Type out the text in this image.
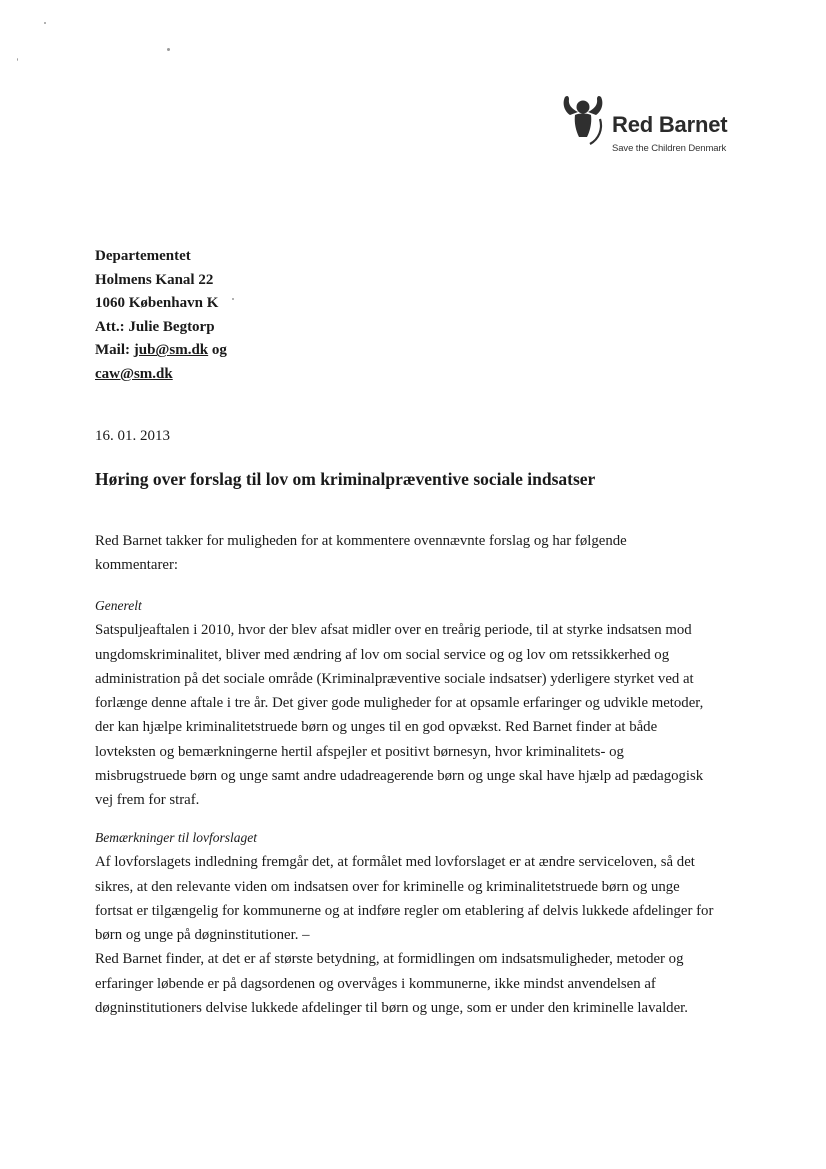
Red Barnet
Save the Children Denmark
Departementet
Holmens Kanal 22
1060 København K
Att.: Julie Begtorp
Mail: jub@sm.dk og
caw@sm.dk
16. 01. 2013
Høring over forslag til lov om kriminalpræventive sociale indsatser
Red Barnet takker for muligheden for at kommentere ovennævnte forslag og har følgende
kommentarer:
Generelt
Satspuljeaftalen i 2010, hvor der blev afsat midler over en treårig periode, til at styrke indsatsen mod
ungdomskriminalitet, bliver med ændring af lov om social service og og lov om retssikkerhed og
administration på det sociale område (Kriminalpræventive sociale indsatser) yderligere styrket ved at
forlænge denne aftale i tre år. Det giver gode muligheder for at opsamle erfaringer og udvikle metoder,
der kan hjælpe kriminalitetstruede børn og unges til en god opvækst. Red Barnet finder at både
lovteksten og bemærkningerne hertil afspejler et positivt børnesyn, hvor kriminalitets- og
misbrugstruede børn og unge samt andre udadreagerende børn og unge skal have hjælp ad pædagogisk
vej frem for straf.
Bemærkninger til lovforslaget
Af lovforslagets indledning fremgår det, at formålet med lovforslaget er at ændre serviceloven, så det
sikres, at den relevante viden om indsatsen over for kriminelle og kriminalitetstruede børn og unge
fortsat er tilgængelig for kommunerne og at indføre regler om etablering af delvis lukkede afdelinger for
børn og unge på døgninstitutioner. –
Red Barnet finder, at det er af største betydning, at formidlingen om indsatsmuligheder, metoder og
erfaringer løbende er på dagsordenen og overvåges i kommunerne, ikke mindst anvendelsen af
døgninstitutioners delvise lukkede afdelinger til børn og unge, som er under den kriminelle lavalder.
